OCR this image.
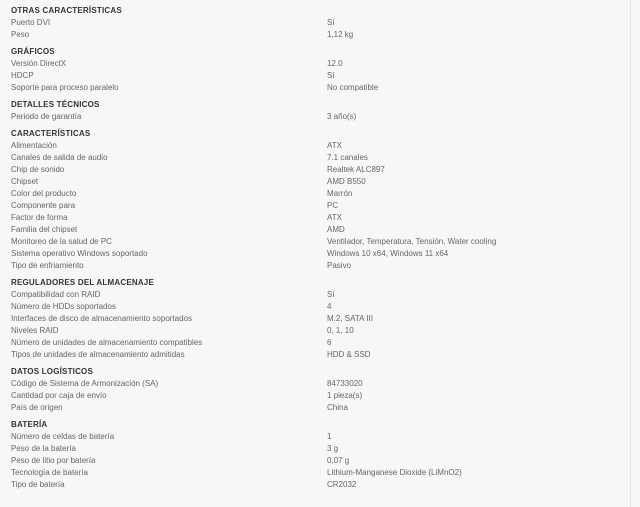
OTRAS CARACTERÍSTICAS
Puerto DVI	Sí
Peso	1,12 kg
GRÁFICOS
Versión DirectX	12.0
HDCP	Sí
Soporte para proceso paralelo	No compatible
DETALLES TÉCNICOS
Periodo de garantía	3 año(s)
CARACTERÍSTICAS
Alimentación	ATX
Canales de salida de audio	7.1 canales
Chip de sonido	Realtek ALC897
Chipset	AMD B550
Color del producto	Marrón
Componente para	PC
Factor de forma	ATX
Familia del chipset	AMD
Monitoreo de la salud de PC	Ventilador, Temperatura, Tensión, Water cooling
Sistema operativo Windows soportado	Windows 10 x64, Windows 11 x64
Tipo de enfriamiento	Pasivo
REGULADORES DEL ALMACENAJE
Compatibilidad con RAID	Sí
Número de HDDs soportados	4
Interfaces de disco de almacenamiento soportados	M.2, SATA III
Niveles RAID	0, 1, 10
Número de unidades de almacenamiento compatibles	6
Tipos de unidades de almacenamiento admitidas	HDD & SSD
DATOS LOGÍSTICOS
Código de Sistema de Armonización (SA)	84733020
Cantidad por caja de envío	1 pieza(s)
País de origen	China
BATERÍA
Número de celdas de batería	1
Peso de la batería	3 g
Peso de litio por batería	0,07 g
Tecnología de batería	Lithium-Manganese Dioxide (LiMnO2)
Tipo de batería	CR2032
